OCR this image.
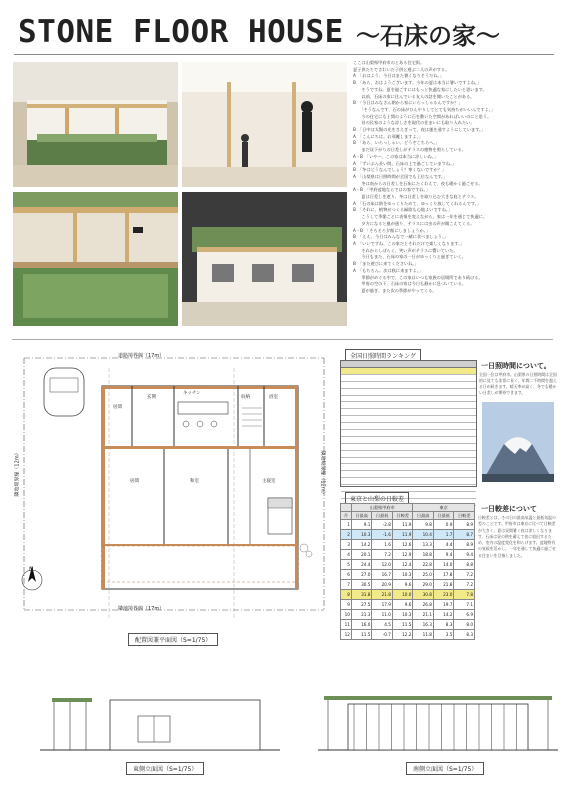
STONE FLOOR HOUSE 〜石床の家〜

ここは山梨県甲府市のとある住宅街。

夏子供たちでさわいだ子供と遊ぶ二人の声がする。

A　「おはよう、今日はまた暑くなりそうだね。」

B　「あら、おはようございます。今年の夏は本当に暑いですよね。」

　　そうですね。夏を過ごすにはもっと快適な家にしたいと思います。

　　以前、石床の家に住んでいる友人の話を聞いたことがある。

B　「今日はみなさん朝から家にいらっしゃるんですか？」

　　「そうなんです、石の床がひんやりしてとても気持ちがいいんですよ。」

　　今の住宅にも土間のように石を敷いた空間があればいいのにと思う。

　　昔の民家のような涼しさを現代の住まいにも取り入れたい。

B　「日中は太陽の光をさえぎって、夜は風を通すようにしています。」

A　「こんにちは。お邪魔しますよ。」

B　「あら、いらっしゃい。どうぞこちらへ。」

　　まだ昼下がりの日差しがテラスの植物を照らしている。

A・B　「いやー、この家は本当に涼しいね。」

A　「ずいぶん長い間、石床の上で過ごしていますね。」

B　「冬はどうなんでしょう？寒くないですか？」

A　「山梨県は日照時間が全国でも上位なんです。」

　　冬は南からの日差しを石床にたくわえて、夜も暖かく過ごせる。

A・B　「甲府盆地ならではの家ですね。」

　　夏は日差しを遮り、冬は日差しを取り込む大きな庇とテラス。

A　「石の床は熱をゆっくりためて、ゆっくり放してくれるんです。」

B　「それに、植物がつくる緑陰も心地よいですね。」

　　こうして季節ごとに表情を変えながら、家は一年を通じて快適に。

　　夕方になると風が通り、テラスには虫の声が聞こえてくる。

A・B　「そろそろ夕飯にしましょうか。」

B　「ええ、今日はみんなで一緒に食べましょう。」

A　「いいですね、この家だとそれだけで楽しくなります。」

　　それからしばらく、笑い声がテラスに響いていた。

　　今日もまた、石床の家の一日がゆっくりと過ぎていく。

B　「また遊びに来てくださいね。」

A　「もちろん。次は秋に来ますよ。」

　　季節がめぐる中で、この家はいつも家族の居場所であり続ける。

　　甲府の空の下、石床の家は今日も静かに息づいている。

　　夏が過ぎ、また次の季節がやってくる。

道路境界線（17m）
隣地境界線（17m）
隣地境界線（12m）	隣地境界線（12m）
玄関
キッチン
居間
収納	浴室
居間	和室	主寝室
N
配置図兼平面図（S=1/75）
全国日照時間ランキング
一日照時間について。
全国一位は甲府市。山梨県の日照時間は全国的に見ても非常に長く、年間二千時間を超える日が続きます。晴天率が高く、冬でも暖かい日差しが期待できます。
東京と山梨の日較差
	山梨県甲府市			東京		
月	日最高	日最低	日較差	日最高	日最低	日較差
1	9.1	-2.8	11.9	9.8	0.9	8.9
2	10.3	-1.6	11.9	10.4	1.7	8.7
3	14.2	1.6	12.6	13.3	4.4	8.9
4	20.1	7.2	12.9	18.8	9.4	9.4
5	24.4	12.0	12.4	22.8	14.0	8.8
6	27.0	16.7	10.3	25.0	17.8	7.2
7	30.5	20.9	9.6	29.0	21.8	7.2
8	31.8	21.8	10.0	30.8	23.0	7.8
9	27.5	17.9	9.6	26.8	19.7	7.1
10	21.3	11.0	10.3	21.1	14.2	6.9
11	16.0	4.5	11.5	16.3	8.3	8.0
12	11.5	-0.7	12.2	11.8	3.5	8.3
一日較差について
日較差とは、その日の最高気温と最低気温の差のことです。甲府市は東京に比べて日較差が大きく、夏は昼間暑く夜は涼しくなります。石床は昼の熱を蓄えて夜に放出するため、室内の温度変化を和らげます。盆地特有の気候を活かし、一年を通して快適に過ごせる住まいを目指しました。
東側立面図（S=1/75）	南側立面図（S=1/75）
